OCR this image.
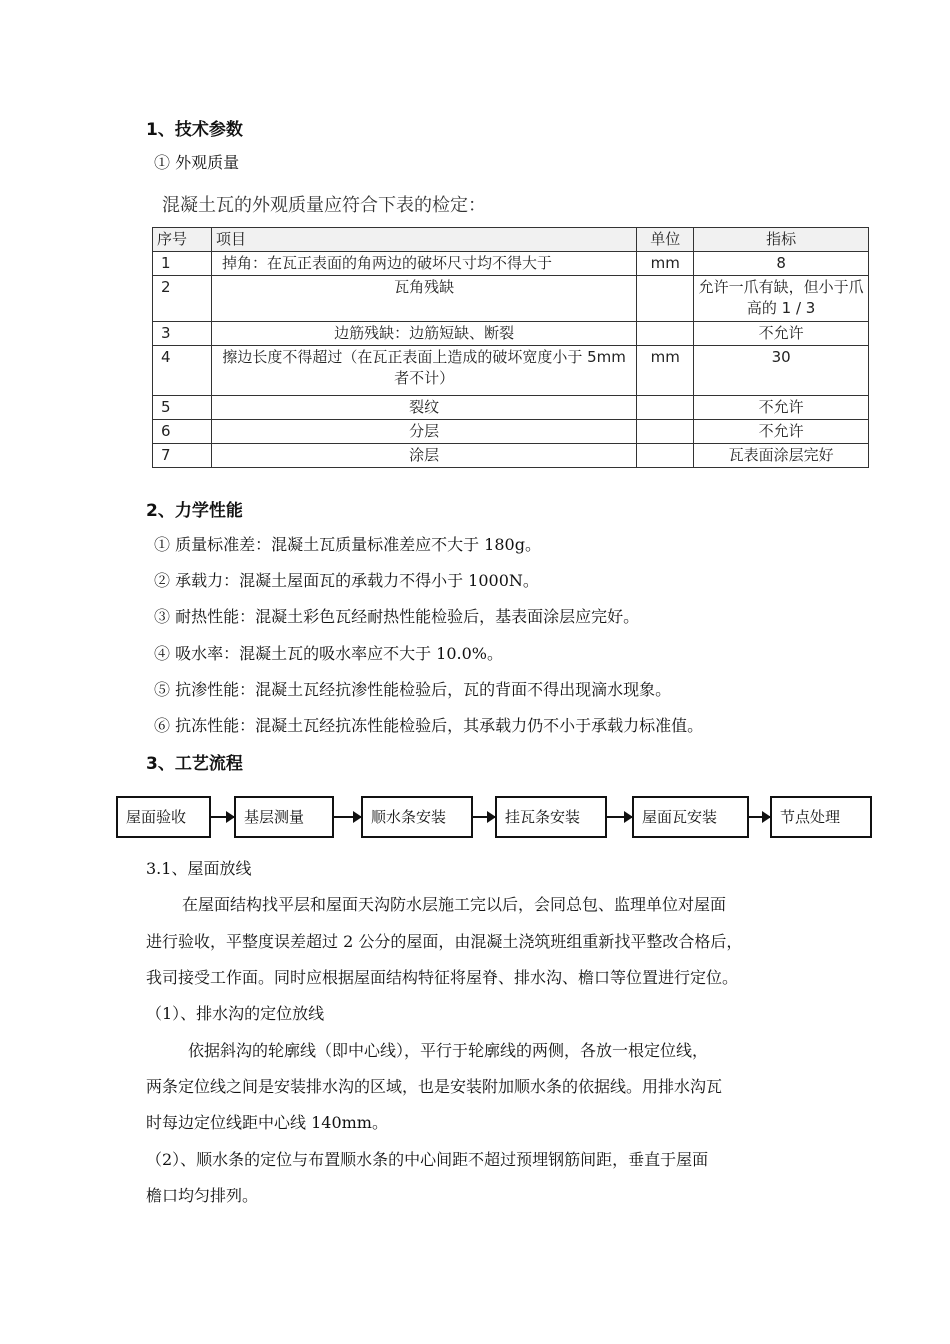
1、技术参数
① 外观质量
混凝土瓦的外观质量应符合下表的检定：
序号	项目	单位	指标
1	掉角：在瓦正表面的角两边的破坏尺寸均不得大于	mm	8
2	瓦角残缺		允许一爪有缺，但小于爪高的 1 / 3
3	边筋残缺：边筋短缺、断裂		不允许
4	擦边长度不得超过（在瓦正表面上造成的破坏宽度小于 5mm 者不计）	mm	30
5	裂纹		不允许
6	分层		不允许
7	涂层		瓦表面涂层完好
2、力学性能
① 质量标准差：混凝土瓦质量标准差应不大于 180g。
② 承载力：混凝土屋面瓦的承载力不得小于 1000N。
③ 耐热性能：混凝土彩色瓦经耐热性能检验后，基表面涂层应完好。
④ 吸水率：混凝土瓦的吸水率应不大于 10.0%。
⑤ 抗渗性能：混凝土瓦经抗渗性能检验后，瓦的背面不得出现滴水现象。
⑥ 抗冻性能：混凝土瓦经抗冻性能检验后，其承载力仍不小于承载力标准值。
3、工艺流程
屋面验收	基层测量	顺水条安装	挂瓦条安装	屋面瓦安装	节点处理
3.1、屋面放线
在屋面结构找平层和屋面天沟防水层施工完以后，会同总包、监理单位对屋面
进行验收，平整度误差超过 2 公分的屋面，由混凝土浇筑班组重新找平整改合格后，
我司接受工作面。同时应根据屋面结构特征将屋脊、排水沟、檐口等位置进行定位。
（1）、排水沟的定位放线
依据斜沟的轮廓线（即中心线），平行于轮廓线的两侧，各放一根定位线，
两条定位线之间是安装排水沟的区域，也是安装附加顺水条的依据线。用排水沟瓦
时每边定位线距中心线 140mm。
（2）、顺水条的定位与布置顺水条的中心间距不超过预埋钢筋间距，垂直于屋面
檐口均匀排列。
